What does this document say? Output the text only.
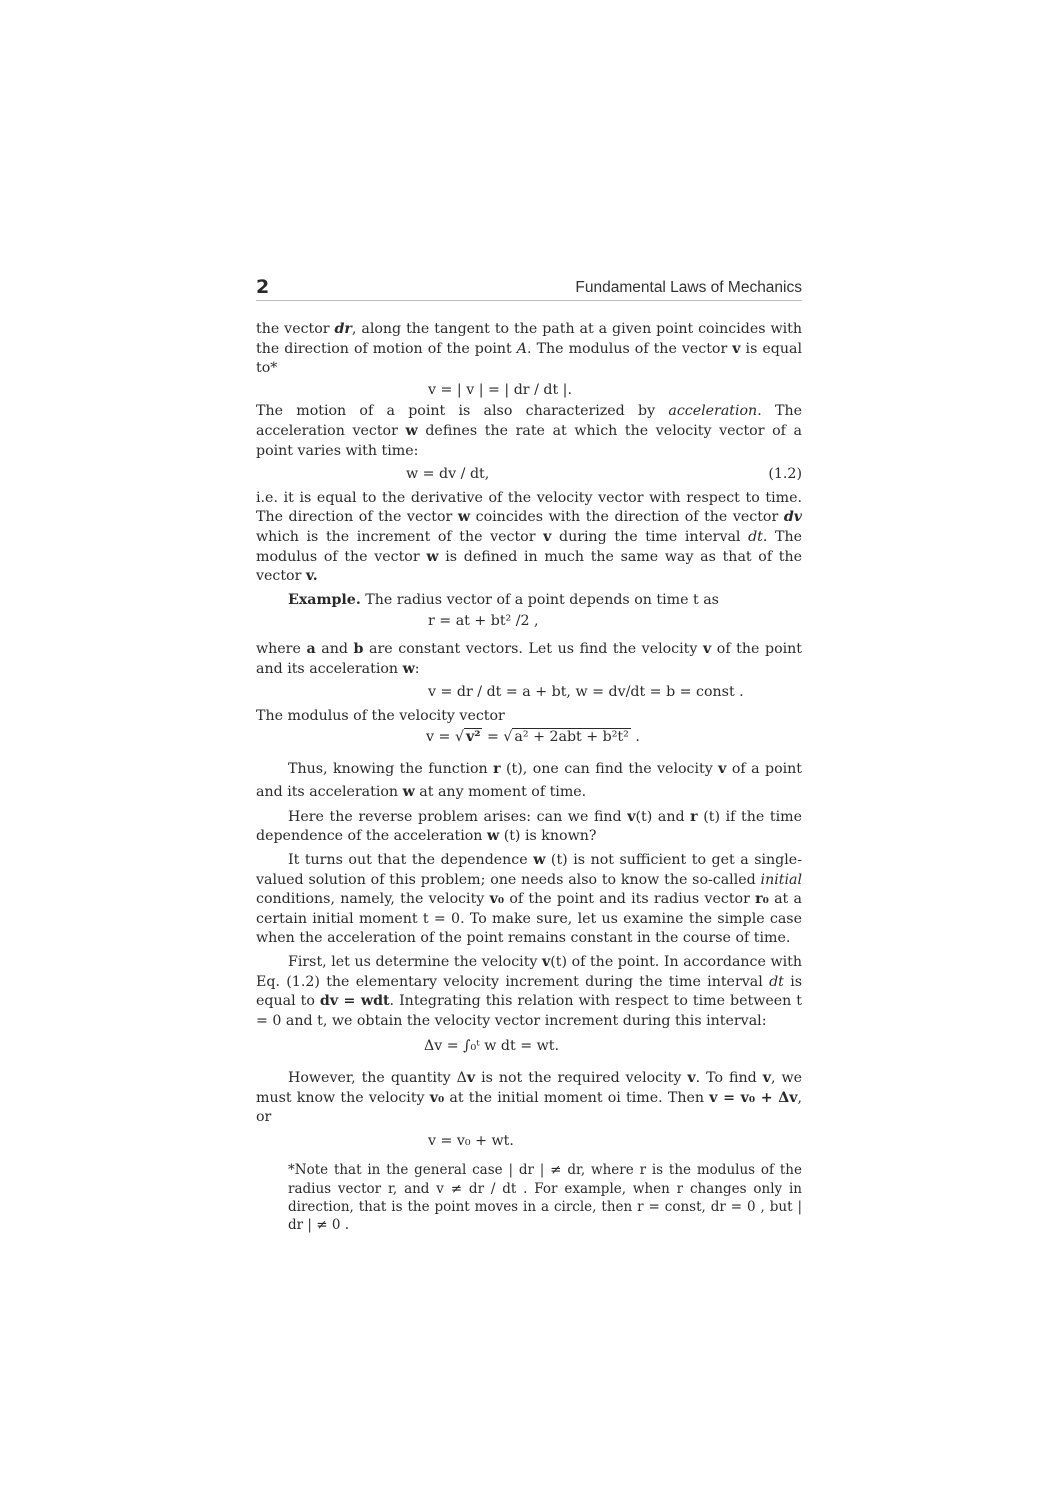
2	Fundamental Laws of Mechanics

the vector dr, along the tangent to the path at a given point coincides with the direction of motion of the point A. The modulus of the vector v is equal to*

v = | v | = | dr / dt |.

The motion of a point is also characterized by acceleration. The acceleration vector w defines the rate at which the velocity vector of a point varies with time:

w = dv / dt,	(1.2)

i.e. it is equal to the derivative of the velocity vector with respect to time. The direction of the vector w coincides with the direction of the vector dv which is the increment of the vector v during the time interval dt. The modulus of the vector w is defined in much the same way as that of the vector v.

Example. The radius vector of a point depends on time t as

r = at + bt² /2 ,

where a and b are constant vectors. Let us find the velocity v of the point and its acceleration w:

v = dr / dt = a + bt, w = dv/dt = b = const .

The modulus of the velocity vector

v = √ v² = √ a² + 2abt + b²t² .

Thus, knowing the function r (t), one can find the velocity v of a point and its acceleration w at any moment of time.

Here the reverse problem arises: can we find v(t) and r (t) if the time dependence of the acceleration w (t) is known?

It turns out that the dependence w (t) is not sufficient to get a single-valued solution of this problem; one needs also to know the so-called initial conditions, namely, the velocity v₀ of the point and its radius vector r₀ at a certain initial moment t = 0. To make sure, let us examine the simple case when the acceleration of the point remains constant in the course of time.

First, let us determine the velocity v(t) of the point. In accordance with Eq. (1.2) the elementary velocity increment during the time interval dt is equal to dv = wdt. Integrating this relation with respect to time between t = 0 and t, we obtain the velocity vector increment during this interval:

Δv = ∫₀ᵗ w dt = wt.

However, the quantity Δv is not the required velocity v. To find v, we must know the velocity v₀ at the initial moment oi time. Then v = v₀ + Δv, or

v = v₀ + wt.

*Note that in the general case | dr | ≠ dr, where r is the modulus of the radius vector r, and v ≠ dr / dt . For example, when r changes only in direction, that is the point moves in a circle, then r = const, dr = 0 , but | dr | ≠ 0 .
